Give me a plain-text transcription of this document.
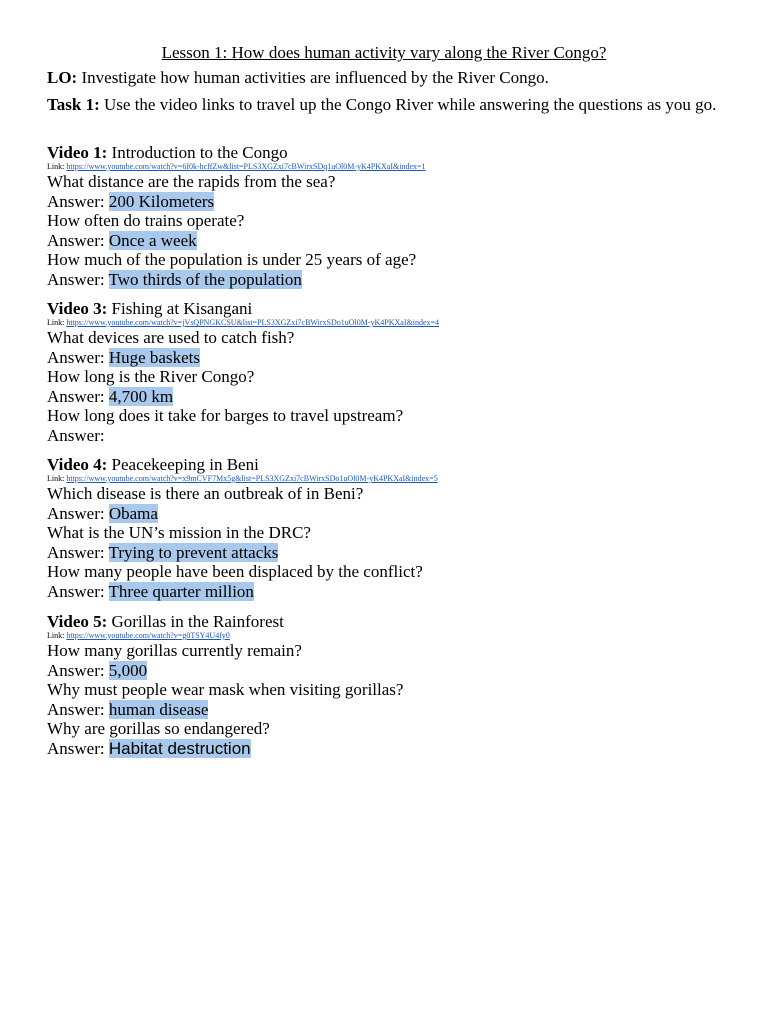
Lesson 1: How does human activity vary along the River Congo?
LO: Investigate how human activities are influenced by the River Congo.
Task 1: Use the video links to travel up the Congo River while answering the questions as you go.
Video 1: Introduction to the Congo
Link: https://www.youtube.com/watch?v=6f0k-hcffZw&list=PLS3XGZxi7cBWirxSDq1uOl0M-yK4PKXaI&index=1
What distance are the rapids from the sea?
Answer: 200 Kilometers
How often do trains operate?
Answer: Once a week
How much of the population is under 25 years of age?
Answer: Two thirds of the population
Video 3: Fishing at Kisangani
Link: https://www.youtube.com/watch?v=jVsQPNGKCSU&list=PLS3XGZxi7cBWirxSDo1uOl0M-yK4PKXaI&index=4
What devices are used to catch fish?
Answer: Huge baskets
How long is the River Congo?
Answer: 4,700 km
How long does it take for barges to travel upstream?
Answer:
Video 4: Peacekeeping in Beni
Link: https://www.youtube.com/watch?v=x9mCVF7Mx5g&list=PLS3XGZxi7cBWirxSDo1uOl0M-yK4PKXaI&index=5
Which disease is there an outbreak of in Beni?
Answer: Obama
What is the UN’s mission in the DRC?
Answer: Trying to prevent attacks
How many people have been displaced by the conflict?
Answer: Three quarter million
Video 5: Gorillas in the Rainforest
Link: https://www.youtube.com/watch?v=g0TSY4U4fy0
How many gorillas currently remain?
Answer: 5,000
Why must people wear mask when visiting gorillas?
Answer: human disease
Why are gorillas so endangered?
Answer: Habitat destruction
